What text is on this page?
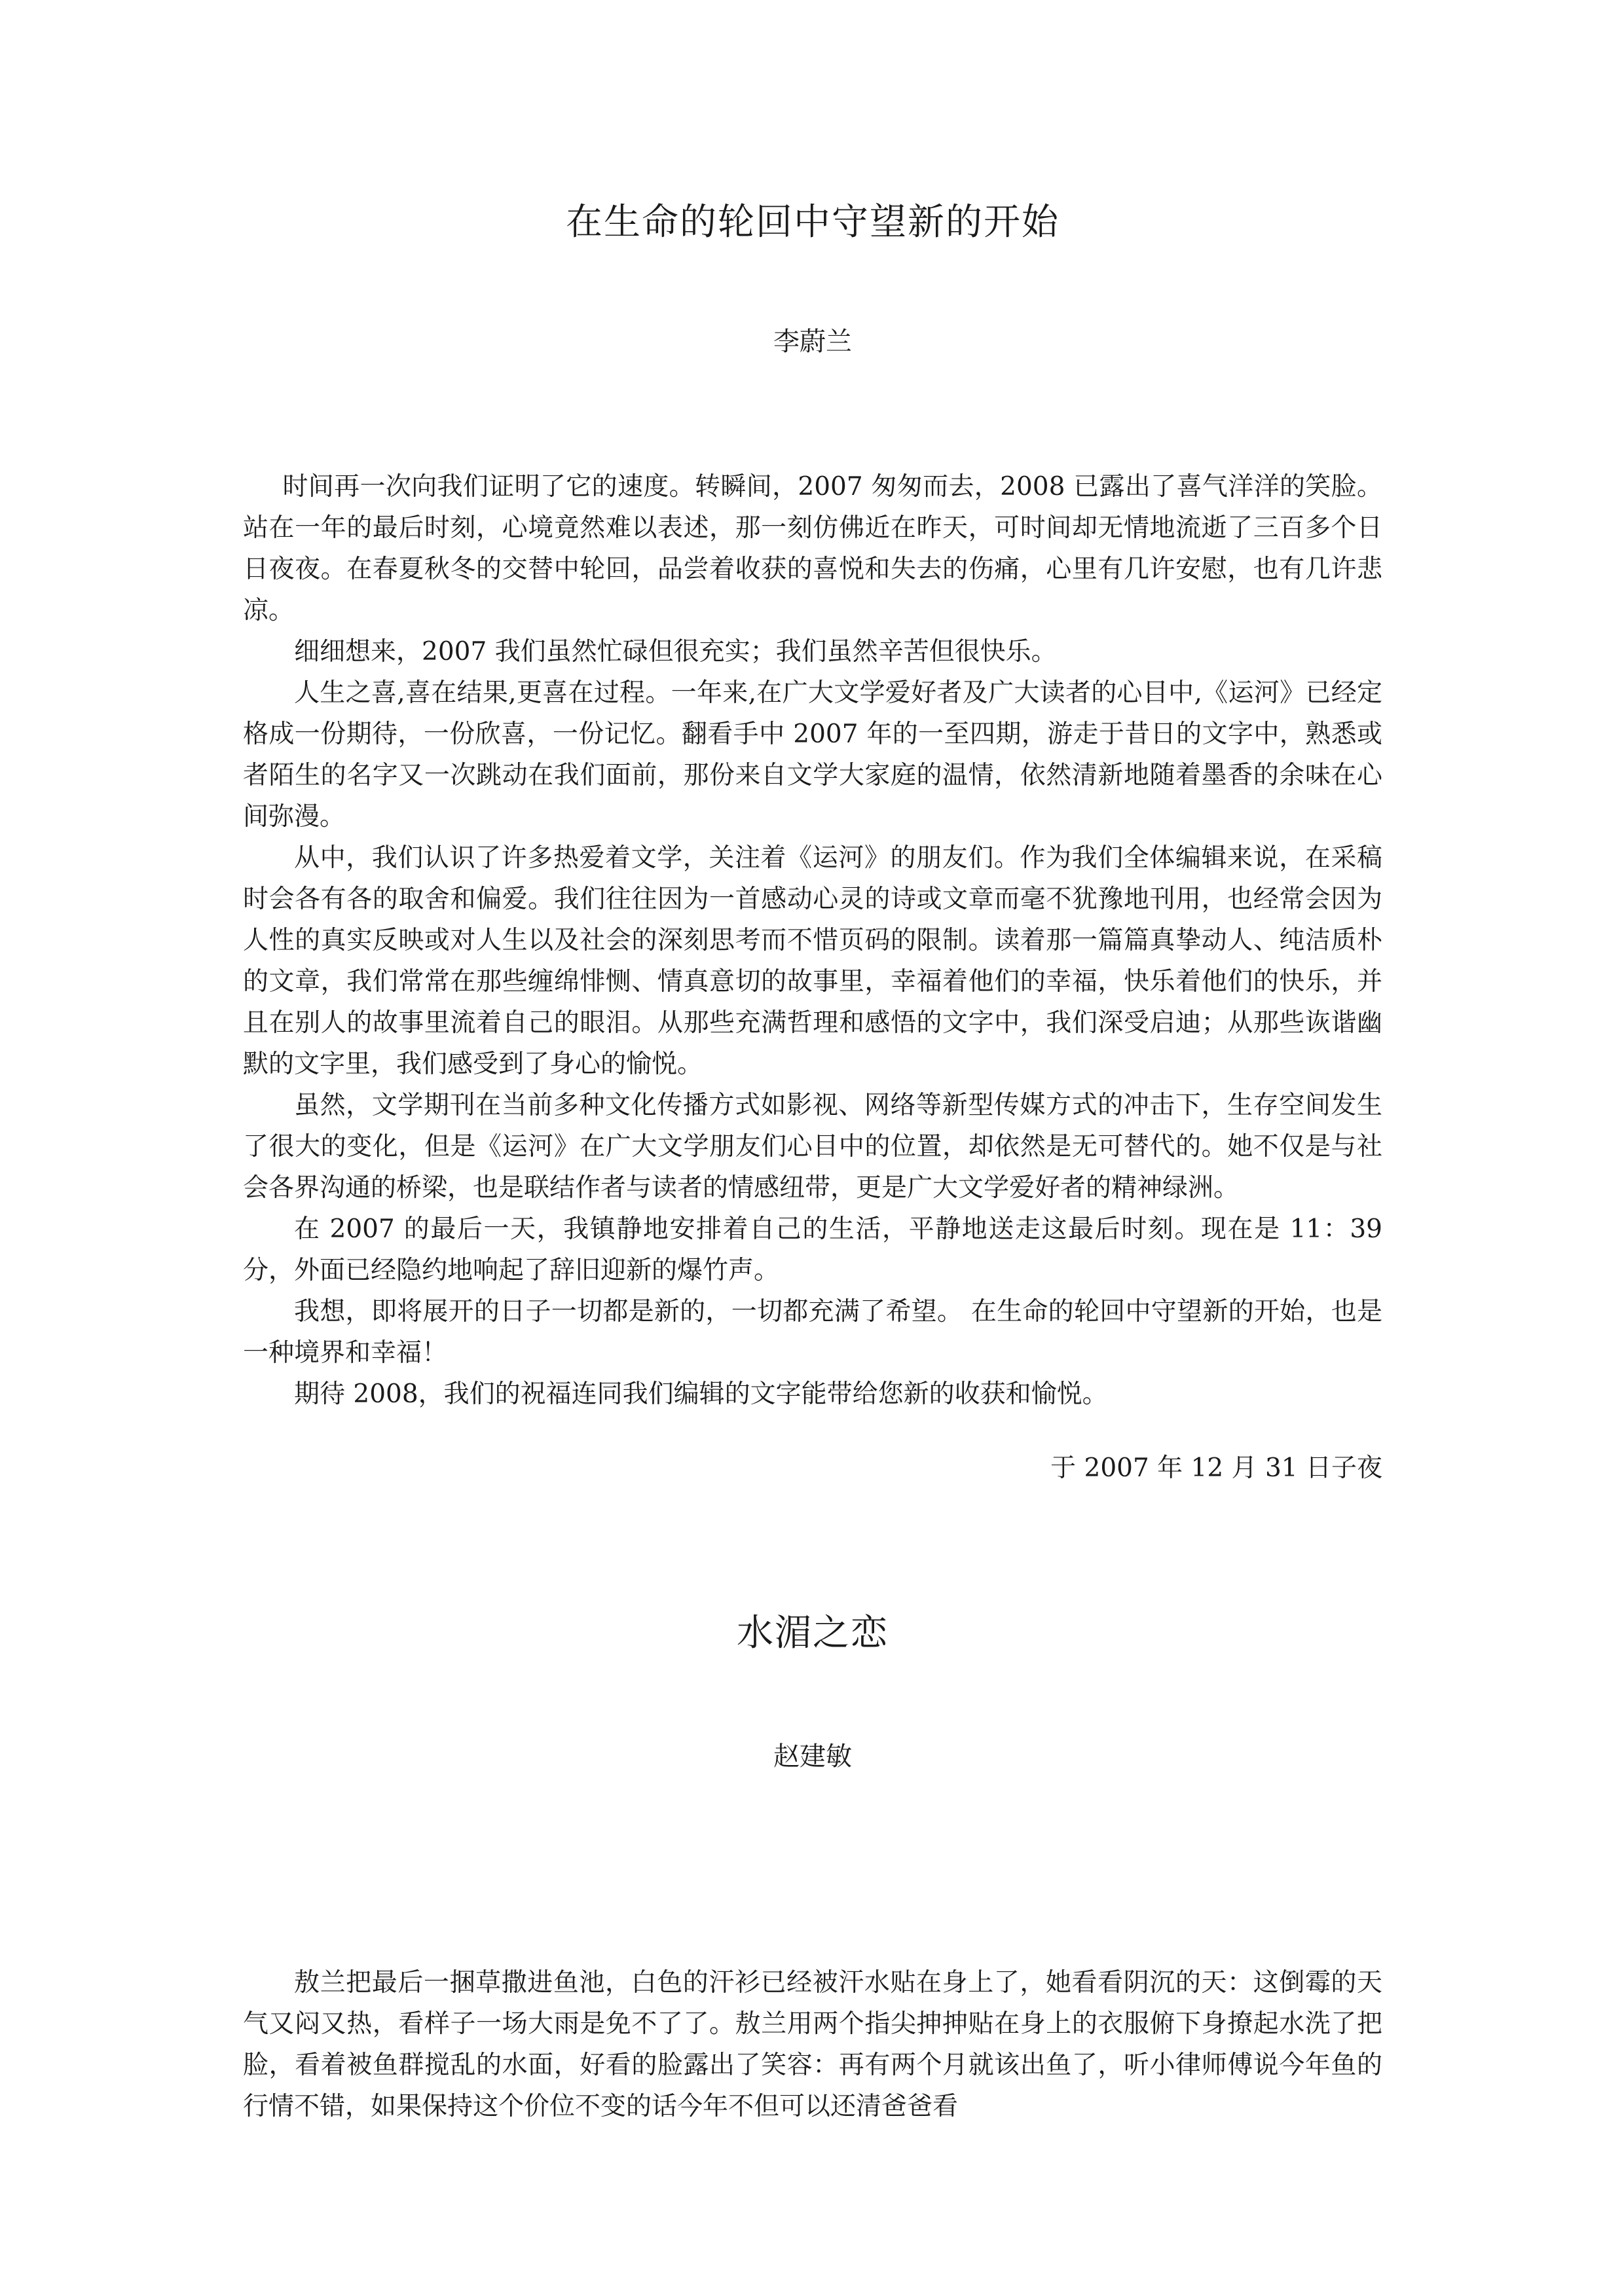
在生命的轮回中守望新的开始
李蔚兰

时间再一次向我们证明了它的速度。转瞬间，2007 匆匆而去，2008 已露出了喜气洋洋的笑脸。站在一年的最后时刻，心境竟然难以表述，那一刻仿佛近在昨天，可时间却无情地流逝了三百多个日日夜夜。在春夏秋冬的交替中轮回，品尝着收获的喜悦和失去的伤痛，心里有几许安慰，也有几许悲凉。

细细想来，2007 我们虽然忙碌但很充实；我们虽然辛苦但很快乐。

人生之喜,喜在结果,更喜在过程。一年来,在广大文学爱好者及广大读者的心目中,《运河》已经定格成一份期待，一份欣喜，一份记忆。翻看手中 2007 年的一至四期，游走于昔日的文字中，熟悉或者陌生的名字又一次跳动在我们面前，那份来自文学大家庭的温情，依然清新地随着墨香的余味在心间弥漫。

从中，我们认识了许多热爱着文学，关注着《运河》的朋友们。作为我们全体编辑来说，在采稿时会各有各的取舍和偏爱。我们往往因为一首感动心灵的诗或文章而毫不犹豫地刊用，也经常会因为人性的真实反映或对人生以及社会的深刻思考而不惜页码的限制。读着那一篇篇真挚动人、纯洁质朴的文章，我们常常在那些缠绵悱恻、情真意切的故事里，幸福着他们的幸福，快乐着他们的快乐，并且在别人的故事里流着自己的眼泪。从那些充满哲理和感悟的文字中，我们深受启迪；从那些诙谐幽默的文字里，我们感受到了身心的愉悦。

虽然，文学期刊在当前多种文化传播方式如影视、网络等新型传媒方式的冲击下，生存空间发生了很大的变化，但是《运河》在广大文学朋友们心目中的位置，却依然是无可替代的。她不仅是与社会各界沟通的桥梁，也是联结作者与读者的情感纽带，更是广大文学爱好者的精神绿洲。

在 2007 的最后一天，我镇静地安排着自己的生活，平静地送走这最后时刻。现在是 11：39 分，外面已经隐约地响起了辞旧迎新的爆竹声。

我想，即将展开的日子一切都是新的，一切都充满了希望。 在生命的轮回中守望新的开始，也是一种境界和幸福！

期待 2008，我们的祝福连同我们编辑的文字能带给您新的收获和愉悦。

于 2007 年 12 月 31 日子夜
水湄之恋
赵建敏

敖兰把最后一捆草撒进鱼池，白色的汗衫已经被汗水贴在身上了，她看看阴沉的天：这倒霉的天气又闷又热，看样子一场大雨是免不了了。敖兰用两个指尖抻抻贴在身上的衣服俯下身撩起水洗了把脸，看着被鱼群搅乱的水面，好看的脸露出了笑容：再有两个月就该出鱼了，听小律师傅说今年鱼的行情不错，如果保持这个价位不变的话今年不但可以还清爸爸看
